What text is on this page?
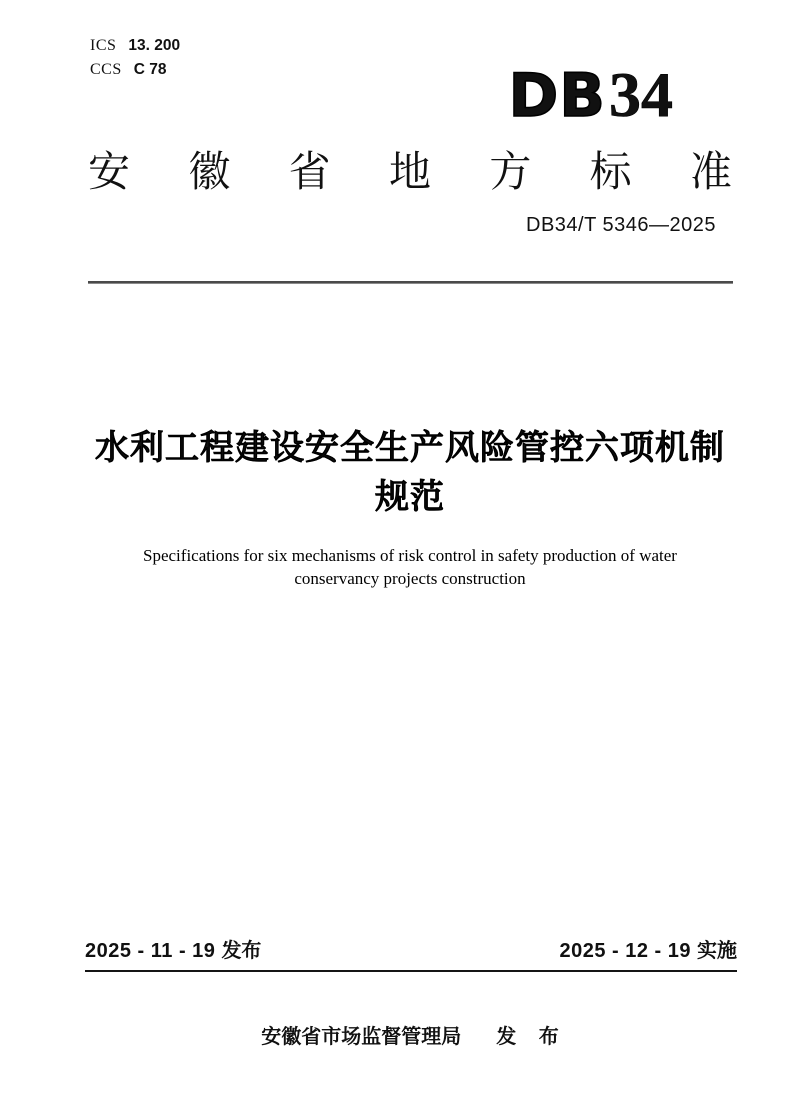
ICS 13. 200
CCS C 78	DB34
安 徽 省 地 方 标 准
DB34/T 5346—2025
水利工程建设安全生产风险管控六项机制
规范
Specifications for six mechanisms of risk control in safety production of water
conservancy projects construction
2025 - 11 - 19 发布	2025 - 12 - 19 实施
安徽省市场监督管理局 发 布
